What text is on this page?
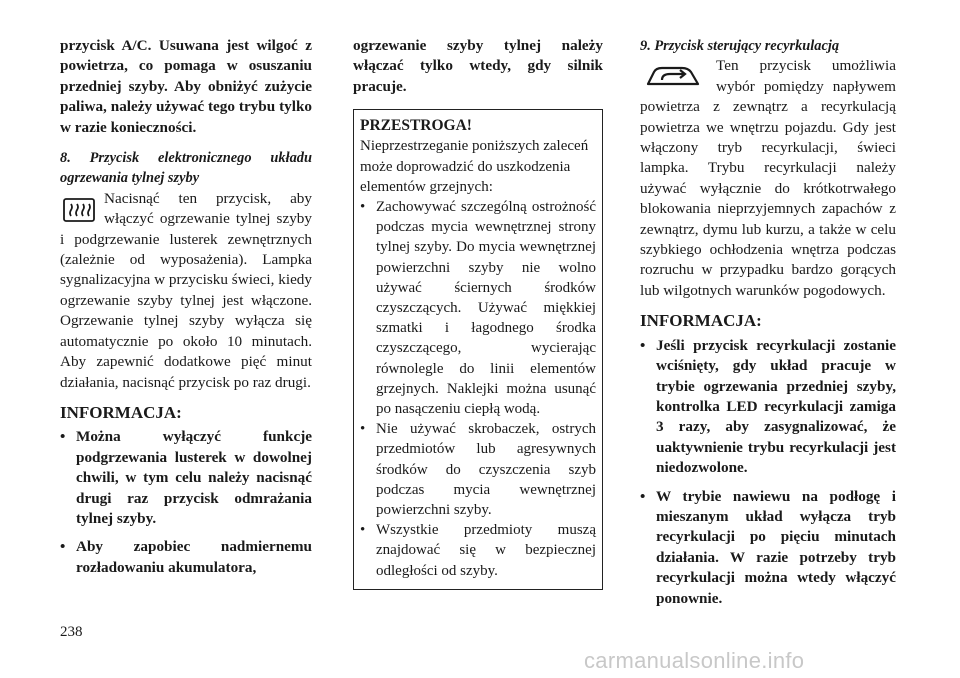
przycisk A/C. Usuwana jest wilgoć z powietrza, co pomaga w osuszaniu przedniej szyby. Aby obniżyć zużycie paliwa, należy używać tego trybu tylko w razie konieczności.

8. Przycisk elektronicznego układu ogrzewania tylnej szyby

Nacisnąć ten przycisk, aby włączyć ogrzewanie tylnej szyby i podgrzewanie lusterek zewnętrznych (zależnie od wyposażenia). Lampka sygnalizacyjna w przycisku świeci, kiedy ogrzewanie szyby tylnej jest włączone. Ogrzewanie tylnej szyby wyłącza się automatycznie po około 10 minutach. Aby zapewnić dodatkowe pięć minut działania, nacisnąć przycisk po raz drugi.

INFORMACJA:

• Można wyłączyć funkcje podgrzewania lusterek w dowolnej chwili, w tym celu należy nacisnąć drugi raz przycisk odmrażania tylnej szyby.
• Aby zapobiec nadmiernemu rozładowaniu akumulatora,

ogrzewanie szyby tylnej należy włączać tylko wtedy, gdy silnik pracuje.

PRZESTROGA!

Nieprzestrzeganie poniższych zaleceń może doprowadzić do uszkodzenia elementów grzejnych:

• Zachowywać szczególną ostrożność podczas mycia wewnętrznej strony tylnej szyby. Do mycia wewnętrznej powierzchni szyby nie wolno używać ściernych środków czyszczących. Używać miękkiej szmatki i łagodnego środka czyszczącego, wycierając równolegle do linii elementów grzejnych. Naklejki można usunąć po nasączeniu ciepłą wodą.
• Nie używać skrobaczek, ostrych przedmiotów lub agresywnych środków do czyszczenia szyb podczas mycia wewnętrznej powierzchni szyby.
• Wszystkie przedmioty muszą znajdować się w bezpiecznej odległości od szyby.

9. Przycisk sterujący recyrkulacją

Ten przycisk umożliwia wybór pomiędzy napływem powietrza z zewnątrz a recyrkulacją powietrza we wnętrzu pojazdu. Gdy jest włączony tryb recyrkulacji, świeci lampka. Trybu recyrkulacji należy używać wyłącznie do krótkotrwałego blokowania nieprzyjemnych zapachów z zewnątrz, dymu lub kurzu, a także w celu szybkiego ochłodzenia wnętrza podczas rozruchu w przypadku bardzo gorących lub wilgotnych warunków pogodowych.

INFORMACJA:

• Jeśli przycisk recyrkulacji zostanie wciśnięty, gdy układ pracuje w trybie ogrzewania przedniej szyby, kontrolka LED recyrkulacji zamiga 3 razy, aby zasygnalizować, że uaktywnienie trybu recyrkulacji jest niedozwolone.
• W trybie nawiewu na podłogę i mieszanym układ wyłącza tryb recyrkulacji po pięciu minutach działania. W razie potrzeby tryb recyrkulacji można wtedy włączyć ponownie.
238
carmanualsonline.info
